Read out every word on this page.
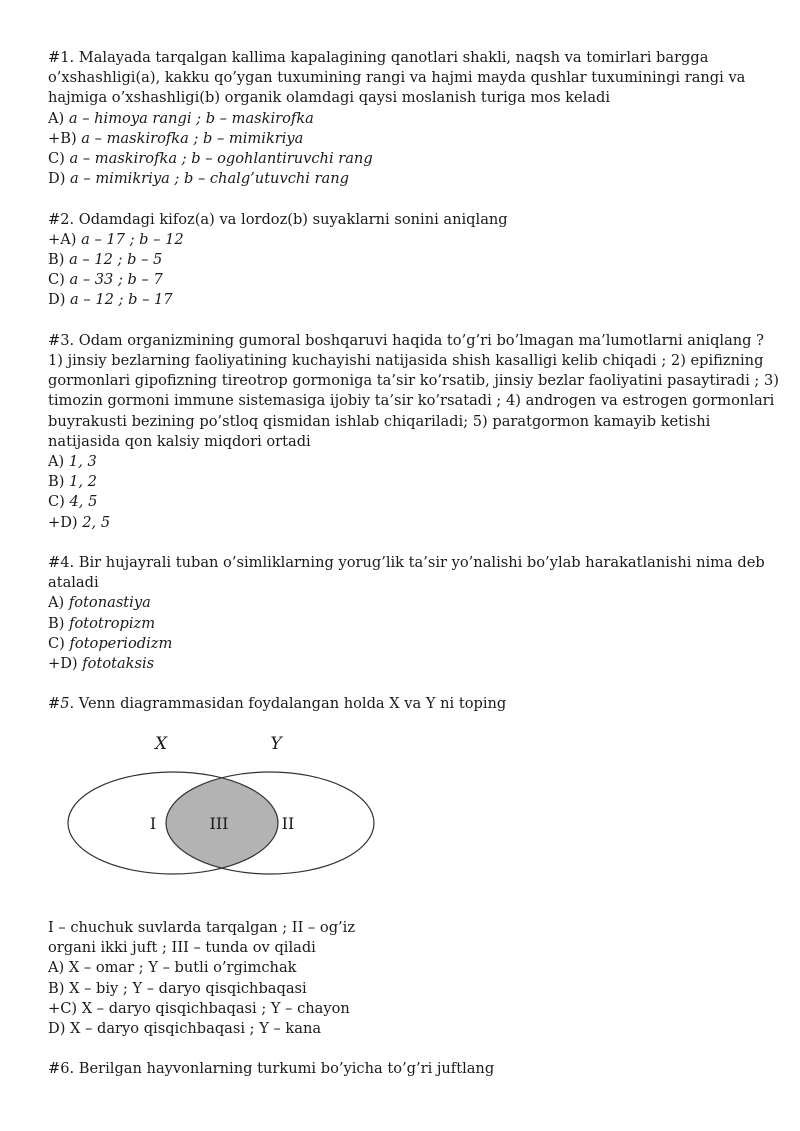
#1. Malayada tarqalgan kallima kapalagining qanotlari shakli, naqsh va tomirlari bargga
o’xshashligi(a), kakku qo’ygan tuxumining rangi va hajmi mayda qushlar tuxuminingi rangi va
hajmiga o’xshashligi(b) organik olamdagi qaysi moslanish turiga mos keladi
A) a – himoya rangi ; b – maskirofka
+B) a – maskirofka ; b – mimikriya
C) a – maskirofka ; b – ogohlantiruvchi rang
D) a – mimikriya ; b – chalg’utuvchi rang
#2. Odamdagi kifoz(a) va lordoz(b) suyaklarni sonini aniqlang
+A) a – 17 ; b – 12
B) a – 12 ; b – 5
C) a – 33 ; b – 7
D) a – 12 ; b – 17
#3. Odam organizmining gumoral boshqaruvi haqida to’g’ri bo’lmagan ma’lumotlarni aniqlang ?
1) jinsiy bezlarning faoliyatining kuchayishi natijasida shish kasalligi kelib chiqadi ; 2) epifizning
gormonlari gipofizning tireotrop gormoniga ta’sir ko’rsatib, jinsiy bezlar faoliyatini pasaytiradi ; 3)
timozin gormoni immune sistemasiga ijobiy ta’sir ko’rsatadi ; 4) androgen va estrogen gormonlari
buyrakusti bezining po’stloq qismidan ishlab chiqariladi; 5) paratgormon kamayib ketishi
natijasida qon kalsiy miqdori ortadi
A) 1, 3
B) 1, 2
C) 4, 5
+D) 2, 5
#4. Bir hujayrali tuban o’simliklarning yorug’lik ta’sir yo’nalishi bo’ylab harakatlanishi nima deb
ataladi
A) fotonastiya
B) fototropizm
C) fotoperiodizm
+D) fototaksis
#5. Venn diagrammasidan foydalangan holda X va Y ni toping
X	Y
I	III	II
I – chuchuk suvlarda tarqalgan ; II – og’iz
organi ikki juft ; III – tunda ov qiladi
A) X – omar ; Y – butli o’rgimchak
B) X – biy ; Y – daryo qisqichbaqasi
+C) X – daryo qisqichbaqasi ; Y – chayon
D) X – daryo qisqichbaqasi ; Y – kana
#6. Berilgan hayvonlarning turkumi bo’yicha to’g’ri juftlang
